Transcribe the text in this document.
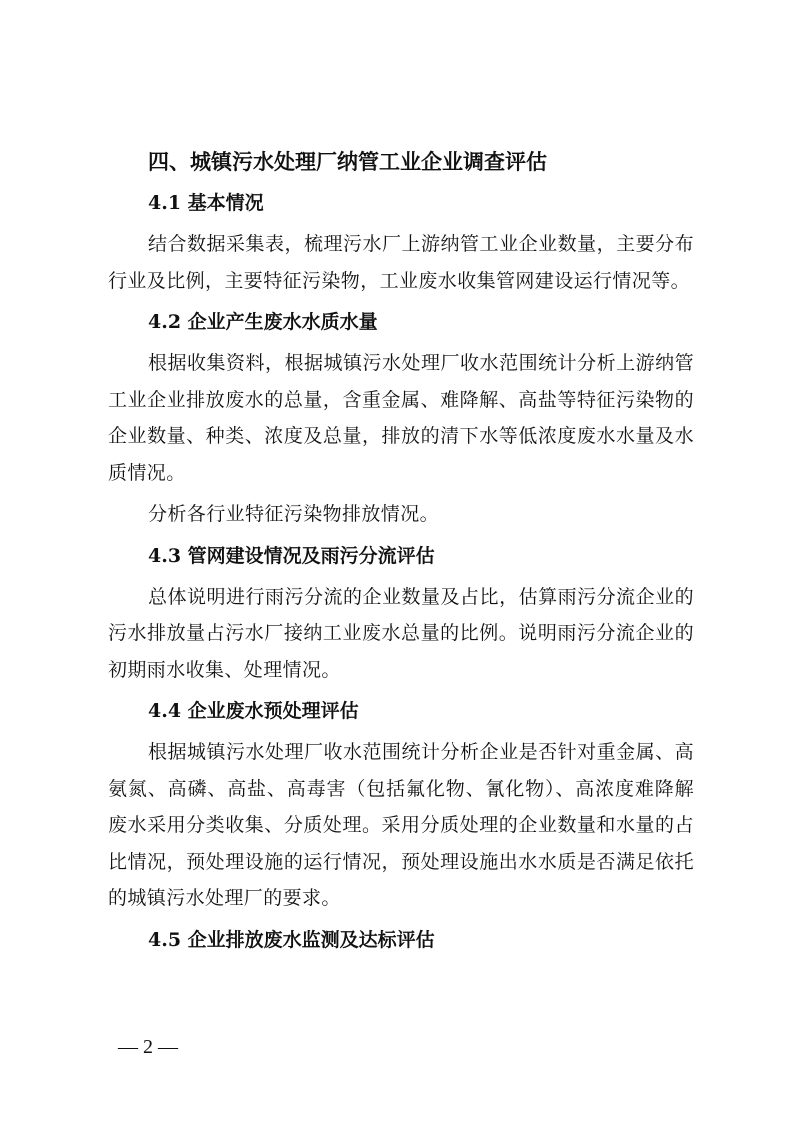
四、城镇污水处理厂纳管工业企业调查评估
4.1 基本情况

结合数据采集表，梳理污水厂上游纳管工业企业数量，主要分布行业及比例，主要特征污染物，工业废水收集管网建设运行情况等。

4.2 企业产生废水水质水量

根据收集资料，根据城镇污水处理厂收水范围统计分析上游纳管工业企业排放废水的总量，含重金属、难降解、高盐等特征污染物的企业数量、种类、浓度及总量，排放的清下水等低浓度废水水量及水质情况。

分析各行业特征污染物排放情况。

4.3 管网建设情况及雨污分流评估

总体说明进行雨污分流的企业数量及占比，估算雨污分流企业的污水排放量占污水厂接纳工业废水总量的比例。说明雨污分流企业的初期雨水收集、处理情况。

4.4 企业废水预处理评估

根据城镇污水处理厂收水范围统计分析企业是否针对重金属、高氨氮、高磷、高盐、高毒害（包括氟化物、氰化物）、高浓度难降解废水采用分类收集、分质处理。采用分质处理的企业数量和水量的占比情况，预处理设施的运行情况，预处理设施出水水质是否满足依托的城镇污水处理厂的要求。

4.5 企业排放废水监测及达标评估
— 2 —
